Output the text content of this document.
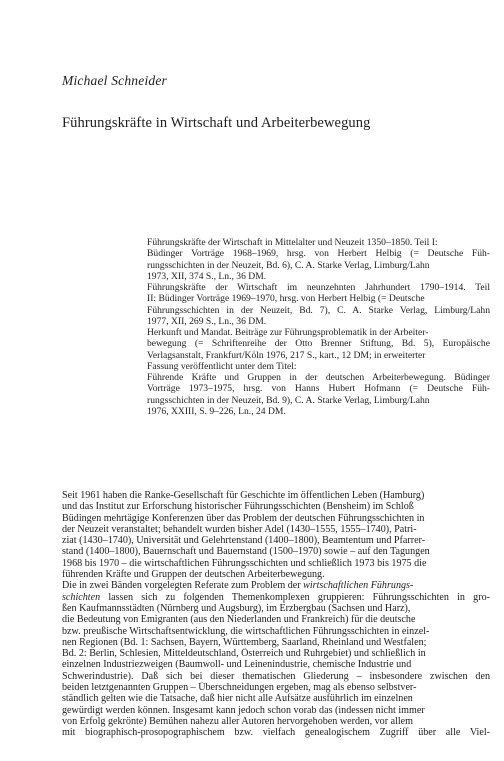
Michael Schneider
Führungskräfte in Wirtschaft und Arbeiterbewegung
Führungskräfte der Wirtschaft in Mittelalter und Neuzeit 1350–1850. Teil I:
Büdinger Vorträge 1968–1969, hrsg. von Herbert Helbig (= Deutsche Füh-
rungsschichten in der Neuzeit, Bd. 6), C. A. Starke Verlag, Limburg/Lahn
1973, XII, 374 S., Ln., 36 DM.
Führungskräfte der Wirtschaft im neunzehnten Jahrhundert 1790–1914. Teil
II: Büdinger Vorträge 1969–1970, hrsg. von Herbert Helbig (= Deutsche
Führungsschichten in der Neuzeit, Bd. 7), C. A. Starke Verlag, Limburg/Lahn
1977, XII, 269 S., Ln., 36 DM.
Herkunft und Mandat. Beiträge zur Führungsproblematik in der Arbeiter-
bewegung (= Schriftenreihe der Otto Brenner Stiftung, Bd. 5), Europäische
Verlagsanstalt, Frankfurt/Köln 1976, 217 S., kart., 12 DM; in erweiterter
Fassung veröffentlicht unter dem Titel:
Führende Kräfte und Gruppen in der deutschen Arbeiterbewegung. Büdinger
Vorträge 1973–1975, hrsg. von Hanns Hubert Hofmann (= Deutsche Füh-
rungsschichten in der Neuzeit, Bd. 9), C. A. Starke Verlag, Limburg/Lahn
1976, XXIII, S. 9–226, Ln., 24 DM.
Seit 1961 haben die Ranke-Gesellschaft für Geschichte im öffentlichen Leben (Hamburg)
und das Institut zur Erforschung historischer Führungsschichten (Bensheim) im Schloß
Büdingen mehrtägige Konferenzen über das Problem der deutschen Führungsschichten in
der Neuzeit veranstaltet; behandelt wurden bisher Adel (1430–1555, 1555–1740), Patri-
ziat (1430–1740), Universität und Gelehrtenstand (1400–1800), Beamtentum und Pfarrer-
stand (1400–1800), Bauernschaft und Bauernstand (1500–1970) sowie – auf den Tagungen
1968 bis 1970 – die wirtschaftlichen Führungsschichten und schließlich 1973 bis 1975 die
führenden Kräfte und Gruppen der deutschen Arbeiterbewegung.
Die in zwei Bänden vorgelegten Referate zum Problem der wirtschaftlichen Führungs-
schichten lassen sich zu folgenden Themenkomplexen gruppieren: Führungsschichten in gro-
ßen Kaufmannsstädten (Nürnberg und Augsburg), im Erzbergbau (Sachsen und Harz),
die Bedeutung von Emigranten (aus den Niederlanden und Frankreich) für die deutsche
bzw. preußische Wirtschaftsentwicklung, die wirtschaftlichen Führungsschichten in einzel-
nen Regionen (Bd. 1: Sachsen, Bayern, Württemberg, Saarland, Rheinland und Westfalen;
Bd. 2: Berlin, Schlesien, Mitteldeutschland, Österreich und Ruhrgebiet) und schließlich in
einzelnen Industriezweigen (Baumwoll- und Leinenindustrie, chemische Industrie und
Schwerindustrie). Daß sich bei dieser thematischen Gliederung – insbesondere zwischen den
beiden letztgenannten Gruppen – Überschneidungen ergeben, mag als ebenso selbstver-
ständlich gelten wie die Tatsache, daß hier nicht alle Aufsätze ausführlich im einzelnen
gewürdigt werden können. Insgesamt kann jedoch schon vorab das (indessen nicht immer
von Erfolg gekrönte) Bemühen nahezu aller Autoren hervorgehoben werden, vor allem
mit biographisch-prosopographischem bzw. vielfach genealogischem Zugriff über alle Viel-
